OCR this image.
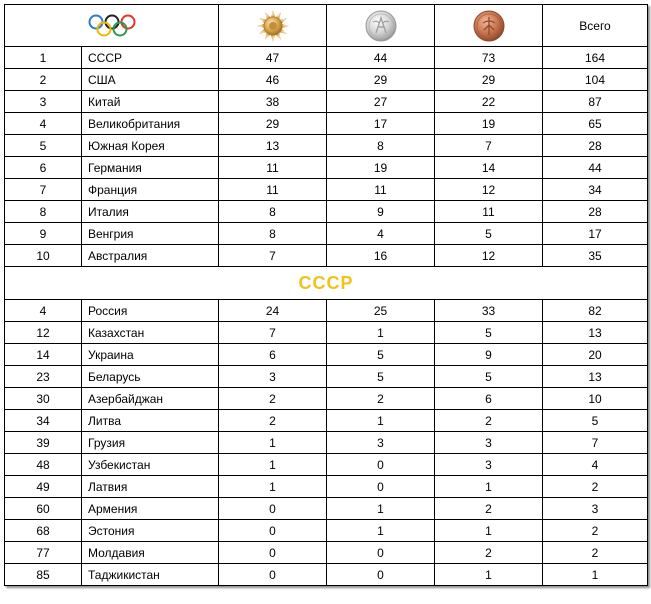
	Всего
1	СССР	47	44	73	164
2	США	46	29	29	104
3	Китай	38	27	22	87
4	Великобритания	29	17	19	65
5	Южная Корея	13	8	7	28
6	Германия	11	19	14	44
7	Франция	11	11	12	34
8	Италия	8	9	11	28
9	Венгрия	8	4	5	17
10	Австралия	7	16	12	35
СССР					
4	Россия	24	25	33	82
12	Казахстан	7	1	5	13
14	Украина	6	5	9	20
23	Беларусь	3	5	5	13
30	Азербайджан	2	2	6	10
34	Литва	2	1	2	5
39	Грузия	1	3	3	7
48	Узбекистан	1	0	3	4
49	Латвия	1	0	1	2
60	Армения	0	1	2	3
68	Эстония	0	1	1	2
77	Молдавия	0	0	2	2
85	Таджикистан	0	0	1	1
